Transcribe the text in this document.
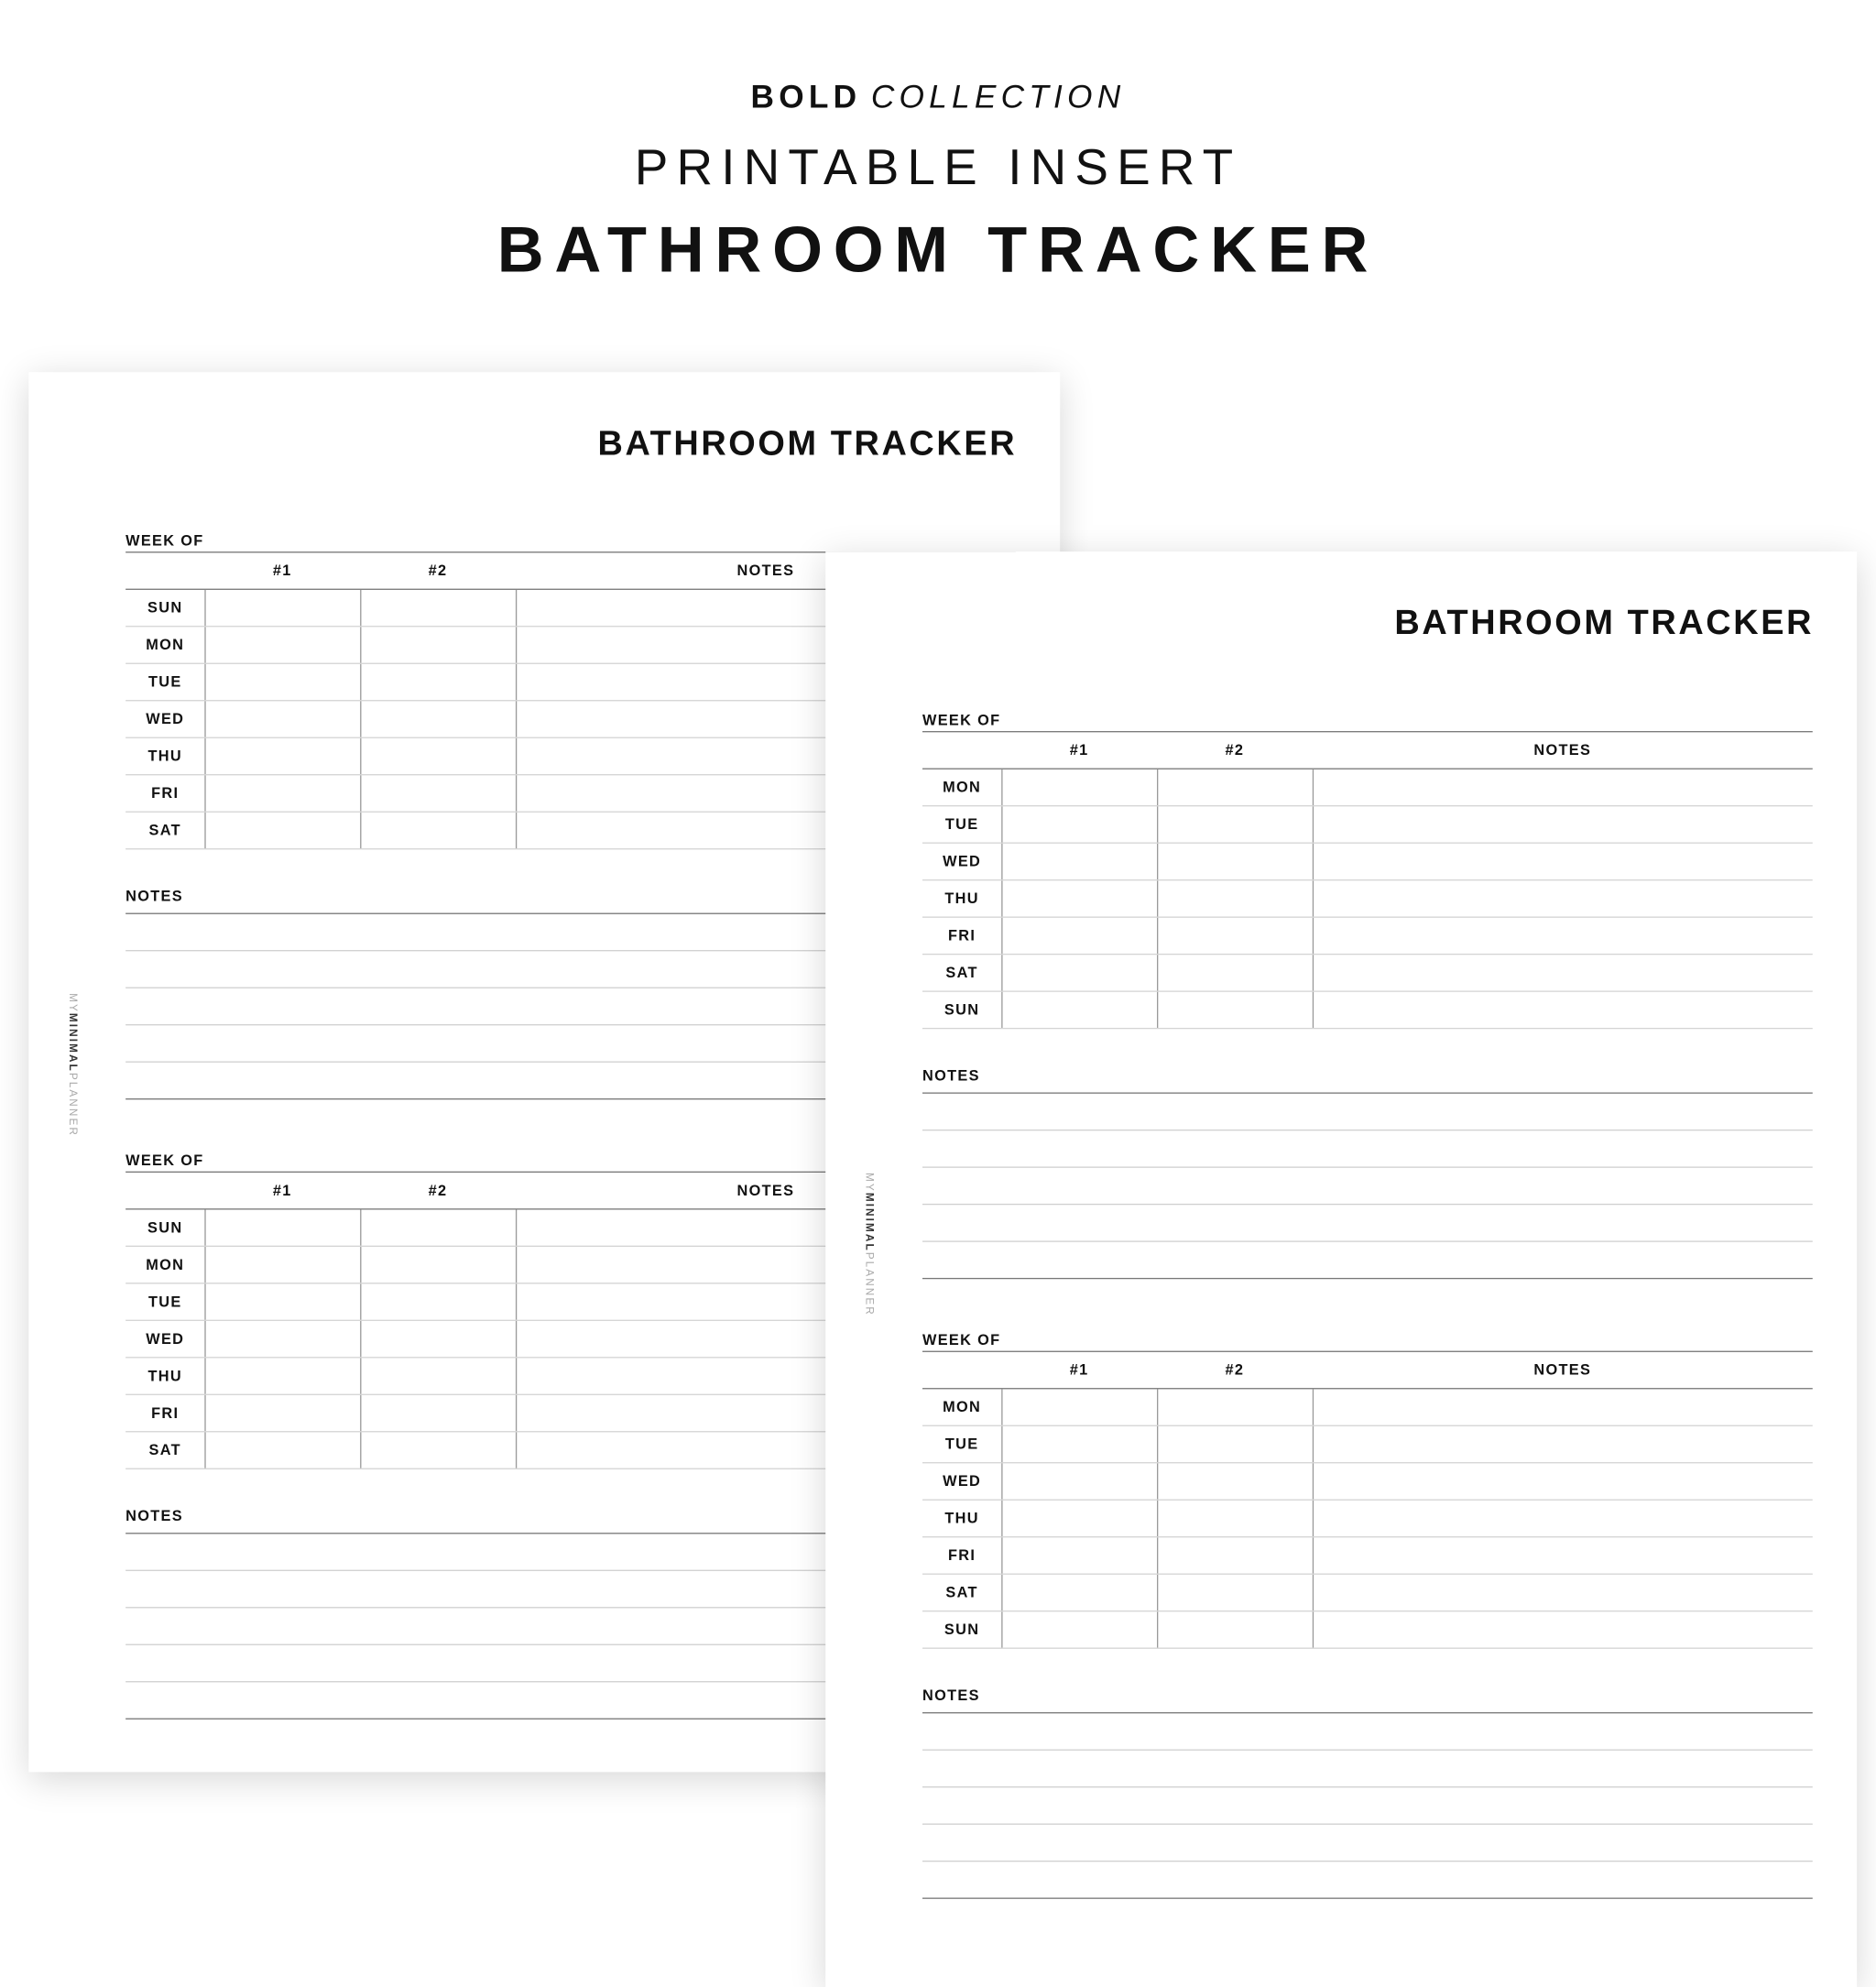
BOLD COLLECTION
PRINTABLE INSERT
BATHROOM TRACKER
BATHROOM TRACKER
MYMINIMALPLANNER
WEEK OF
#1	#2	NOTES
SUN
MON
TUE
WED
THU
FRI
SAT
NOTES
WEEK OF
#1	#2	NOTES
SUN
MON
TUE
WED
THU
FRI
SAT
NOTES
BATHROOM TRACKER
MYMINIMALPLANNER
WEEK OF
#1	#2	NOTES
MON
TUE
WED
THU
FRI
SAT
SUN
NOTES
WEEK OF
#1	#2	NOTES
MON
TUE
WED
THU
FRI
SAT
SUN
NOTES
